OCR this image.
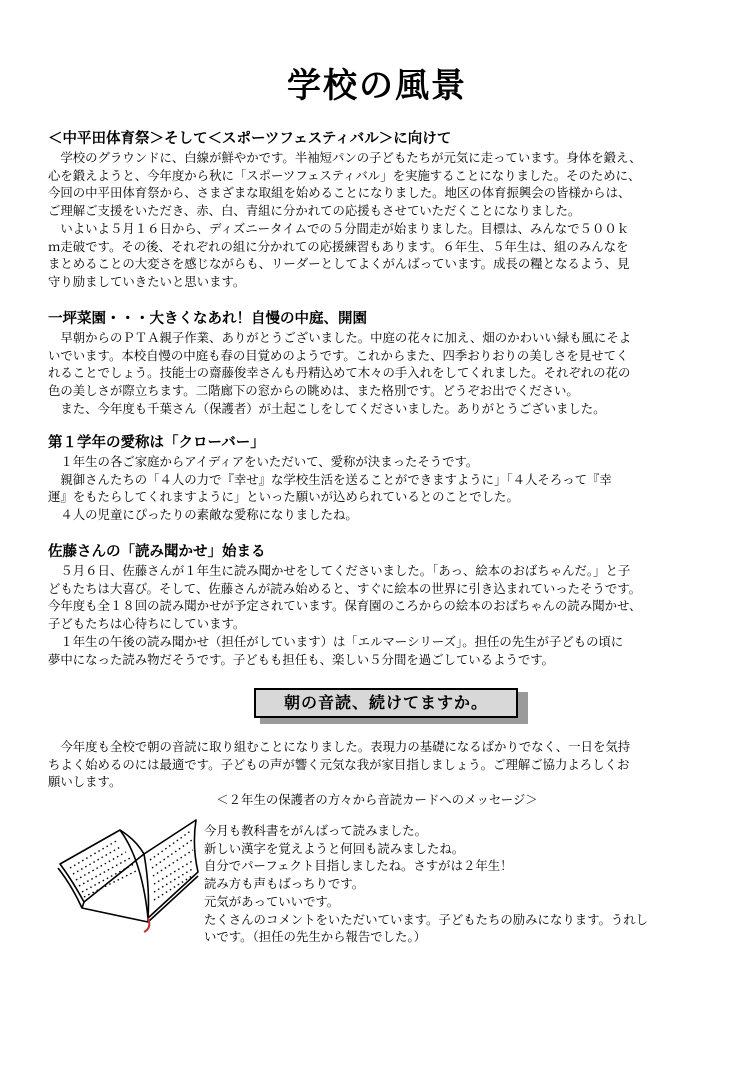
学校の風景
＜中平田体育祭＞そして＜スポーツフェスティバル＞に向けて

　学校のグラウンドに、白線が鮮やかです。半袖短パンの子どもたちが元気に走っています。身体を鍛え、
心を鍛えようと、今年度から秋に「スポーツフェスティバル」を実施することになりました。そのために、
今回の中平田体育祭から、さまざまな取組を始めることになりました。地区の体育振興会の皆様からは、
ご理解ご支援をいただき、赤、白、青組に分かれての応援もさせていただくことになりました。
　いよいよ５月１６日から、ディズニータイムでの５分間走が始まりました。目標は、みんなで５００ｋ
ｍ走破です。その後、それぞれの組に分かれての応援練習もあります。６年生、５年生は、組のみんなを
まとめることの大変さを感じながらも、リーダーとしてよくがんばっています。成長の糧となるよう、見
守り励ましていきたいと思います。

一坪菜園・・・大きくなあれ！自慢の中庭、開園

　早朝からのＰＴＡ親子作業、ありがとうございました。中庭の花々に加え、畑のかわいい緑も風にそよ
いでいます。本校自慢の中庭も春の目覚めのようです。これからまた、四季おりおりの美しさを見せてく
れることでしょう。技能士の齋藤俊幸さんも丹精込めて木々の手入れをしてくれました。それぞれの花の
色の美しさが際立ちます。二階廊下の窓からの眺めは、また格別です。どうぞお出でください。
　また、今年度も千葉さん（保護者）が土起こしをしてくださいました。ありがとうございました。

第１学年の愛称は「クローバー」

　１年生の各ご家庭からアイディアをいただいて、愛称が決まったそうです。
　親御さんたちの「４人の力で『幸せ』な学校生活を送ることができますように」「４人そろって『幸
運』をもたらしてくれますように」といった願いが込められているとのことでした。
　４人の児童にぴったりの素敵な愛称になりましたね。

佐藤さんの「読み聞かせ」始まる

　５月６日、佐藤さんが１年生に読み聞かせをしてくださいました。「あっ、絵本のおばちゃんだ。」と子
どもたちは大喜び。そして、佐藤さんが読み始めると、すぐに絵本の世界に引き込まれていったそうです。
今年度も全１８回の読み聞かせが予定されています。保育園のころからの絵本のおばちゃんの読み聞かせ、
子どもたちは心待ちにしています。
　１年生の午後の読み聞かせ（担任がしています）は「エルマーシリーズ」。担任の先生が子どもの頃に
夢中になった読み物だそうです。子どもも担任も、楽しい５分間を過ごしているようです。

朝の音読、続けてますか。

　今年度も全校で朝の音読に取り組むことになりました。表現力の基礎になるばかりでなく、一日を気持
ちよく始めるのには最適です。子どもの声が響く元気な我が家目指しましょう。ご理解ご協力よろしくお
願いします。

＜２年生の保護者の方々から音読カードへのメッセージ＞
今月も教科書をがんばって読みました。
新しい漢字を覚えようと何回も読みましたね。
自分でパーフェクト目指しましたね。さすがは２年生！
読み方も声もばっちりです。
元気があっていいです。
たくさんのコメントをいただいています。子どもたちの励みになります。うれし
いです。（担任の先生から報告でした。）
